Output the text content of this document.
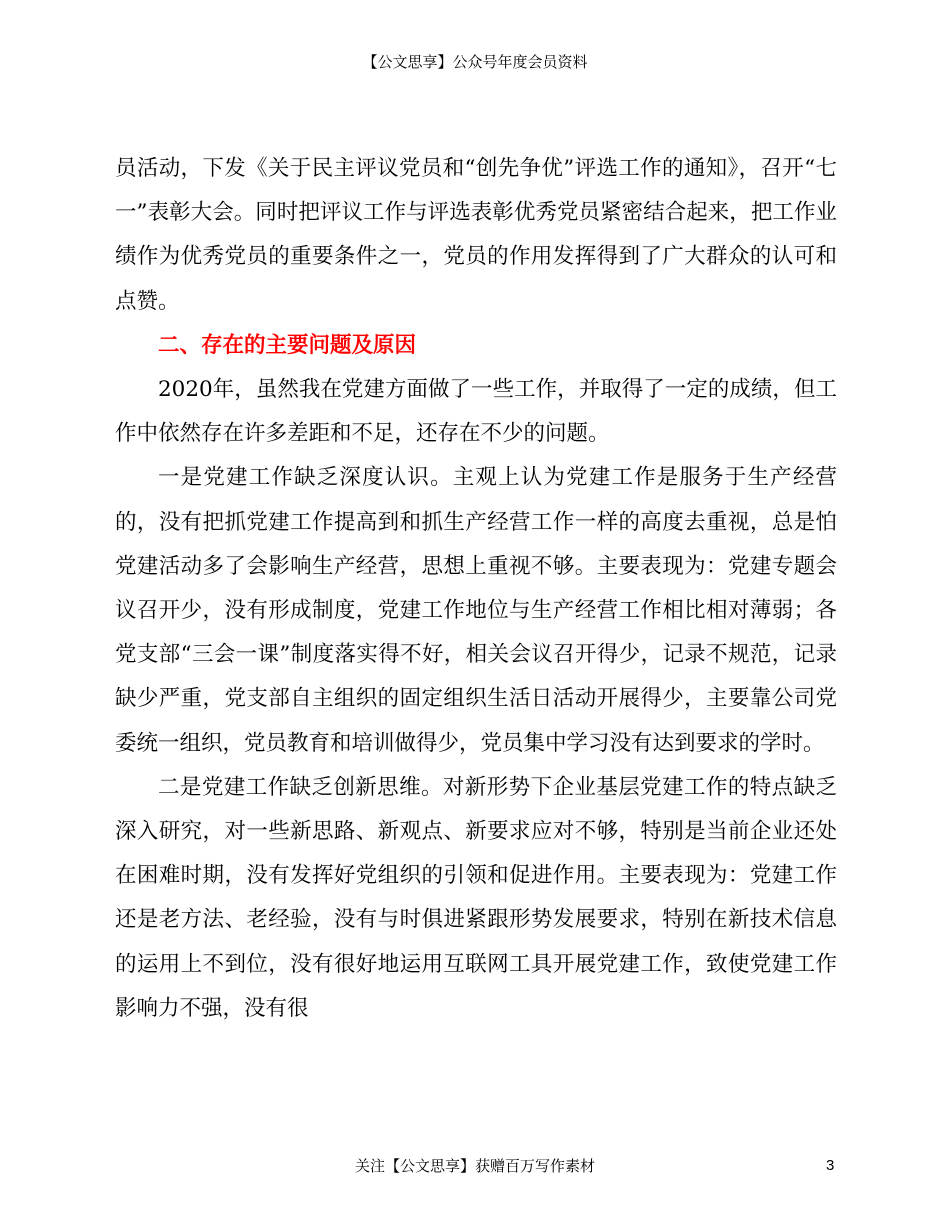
【公文思享】公众号年度会员资料

员活动，下发《关于民主评议党员和“创先争优”评选工作的通知》，召开“七一”表彰大会。同时把评议工作与评选表彰优秀党员紧密结合起来，把工作业绩作为优秀党员的重要条件之一，党员的作用发挥得到了广大群众的认可和点赞。

二、存在的主要问题及原因

2020年，虽然我在党建方面做了一些工作，并取得了一定的成绩，但工作中依然存在许多差距和不足，还存在不少的问题。

一是党建工作缺乏深度认识。主观上认为党建工作是服务于生产经营的，没有把抓党建工作提高到和抓生产经营工作一样的高度去重视，总是怕党建活动多了会影响生产经营，思想上重视不够。主要表现为：党建专题会议召开少，没有形成制度，党建工作地位与生产经营工作相比相对薄弱；各党支部“三会一课”制度落实得不好，相关会议召开得少，记录不规范，记录缺少严重，党支部自主组织的固定组织生活日活动开展得少，主要靠公司党委统一组织，党员教育和培训做得少，党员集中学习没有达到要求的学时。

二是党建工作缺乏创新思维。对新形势下企业基层党建工作的特点缺乏深入研究，对一些新思路、新观点、新要求应对不够，特别是当前企业还处在困难时期，没有发挥好党组织的引领和促进作用。主要表现为：党建工作还是老方法、老经验，没有与时俱进紧跟形势发展要求，特别在新技术信息的运用上不到位，没有很好地运用互联网工具开展党建工作，致使党建工作影响力不强，没有很

关注【公文思享】获赠百万写作素材	3
